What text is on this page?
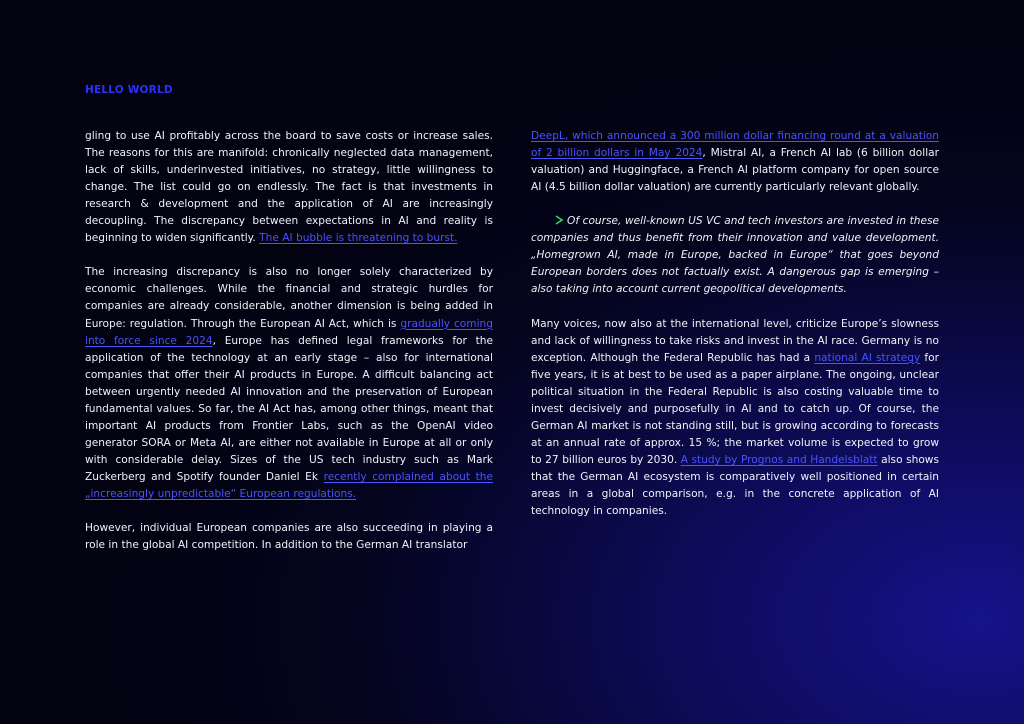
HELLO WORLD

gling to use AI profitably across the board to save costs or increase sales. The reasons for this are manifold: chronically neglected data management, lack of skills, underinvested initiatives, no strategy, little willingness to change. The list could go on endlessly. The fact is that investments in research & development and the application of AI are increasingly decoupling. The discrepancy between expectations in AI and reality is beginning to widen significantly. The AI bubble is threatening to burst.

The increasing discrepancy is also no longer solely characterized by economic challenges. While the financial and strategic hurdles for companies are already considerable, another dimension is being added in Europe: regulation. Through the European AI Act, which is gradually coming into force since 2024, Europe has defined legal frameworks for the application of the technology at an early stage – also for international companies that offer their AI products in Europe. A difficult balancing act between urgently needed AI innovation and the preservation of European fundamental values. So far, the AI Act has, among other things, meant that important AI products from Frontier Labs, such as the OpenAI video generator SORA or Meta AI, are either not available in Europe at all or only with considerable delay. Sizes of the US tech industry such as Mark Zuckerberg and Spotify founder Daniel Ek recently complained about the „increasingly unpredictable“ European regulations.

However, individual European companies are also succeeding in playing a role in the global AI competition. In addition to the German AI translator

DeepL, which announced a 300 million dollar financing round at a valuation of 2 billion dollars in May 2024, Mistral AI, a French AI lab (6 billion dollar valuation) and Huggingface, a French AI platform company for open source AI (4.5 billion dollar valuation) are currently particularly relevant globally.

Of course, well-known US VC and tech investors are invested in these companies and thus benefit from their innovation and value development. „Homegrown AI, made in Europe, backed in Europe“ that goes beyond European borders does not factually exist. A dangerous gap is emerging – also taking into account current geopolitical developments.

Many voices, now also at the international level, criticize Europe’s slowness and lack of willingness to take risks and invest in the AI race. Germany is no exception. Although the Federal Republic has had a national AI strategy for five years, it is at best to be used as a paper airplane. The ongoing, unclear political situation in the Federal Republic is also costing valuable time to invest decisively and purposefully in AI and to catch up. Of course, the German AI market is not standing still, but is growing according to forecasts at an annual rate of approx. 15 %; the market volume is expected to grow to 27 billion euros by 2030. A study by Prognos and Handelsblatt also shows that the German AI ecosystem is comparatively well positioned in certain areas in a global comparison, e.g. in the concrete application of AI technology in companies.
